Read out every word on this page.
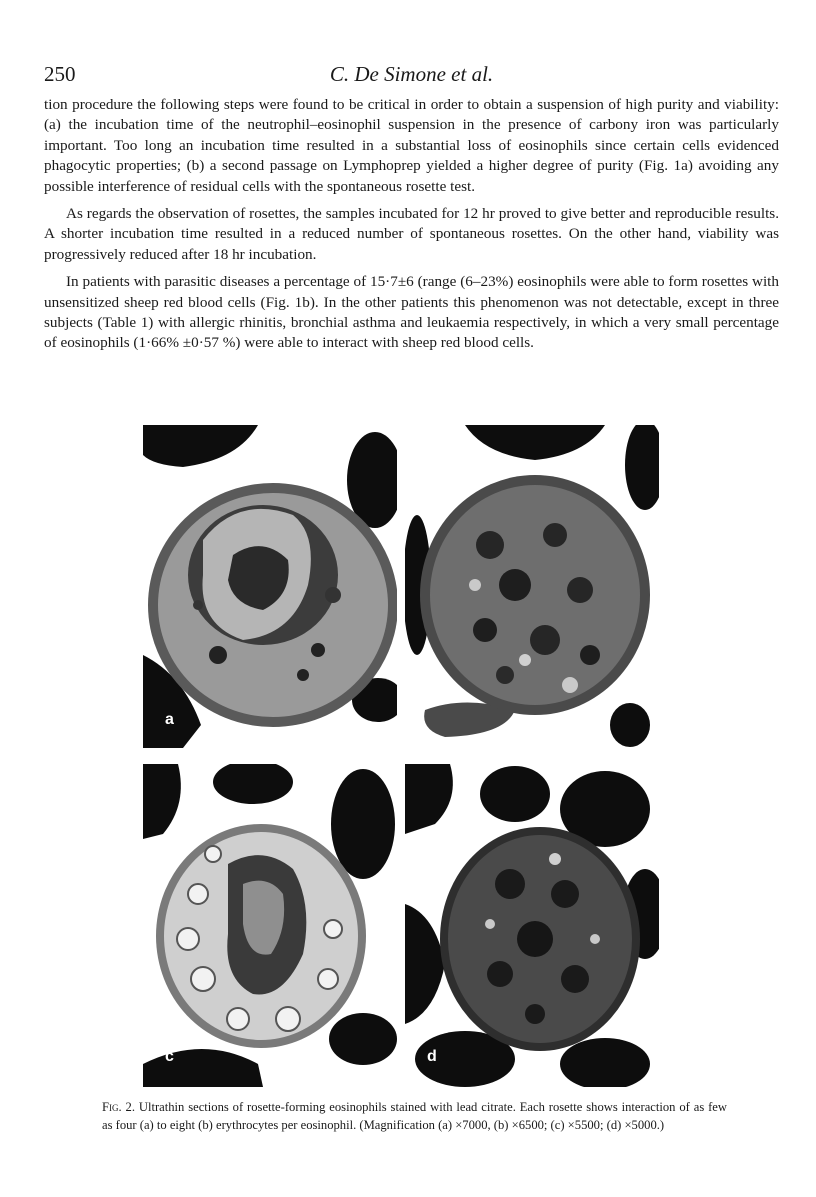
250	C. De Simone et al.

tion procedure the following steps were found to be critical in order to obtain a suspension of high purity and viability: (a) the incubation time of the neutrophil–eosinophil suspension in the presence of carbony iron was particularly important. Too long an incubation time resulted in a substantial loss of eosinophils since certain cells evidenced phagocytic properties; (b) a second passage on Lymphoprep yielded a higher degree of purity (Fig. 1a) avoiding any possible interference of residual cells with the spontaneous rosette test.

As regards the observation of rosettes, the samples incubated for 12 hr proved to give better and reproducible results. A shorter incubation time resulted in a reduced number of spontaneous rosettes. On the other hand, viability was progressively reduced after 18 hr incubation.

In patients with parasitic diseases a percentage of 15·7±6 (range (6–23%) eosinophils were able to form rosettes with unsensitized sheep red blood cells (Fig. 1b). In the other patients this phenomenon was not detectable, except in three subjects (Table 1) with allergic rhinitis, bronchial asthma and leukaemia respectively, in which a very small percentage of eosinophils (1·66% ±0·57 %) were able to interact with sheep red blood cells.

a
c	d
Fig. 2. Ultrathin sections of rosette-forming eosinophils stained with lead citrate. Each rosette shows interaction of as few as four (a) to eight (b) erythrocytes per eosinophil. (Magnification (a) ×7000, (b) ×6500; (c) ×5500; (d) ×5000.)
